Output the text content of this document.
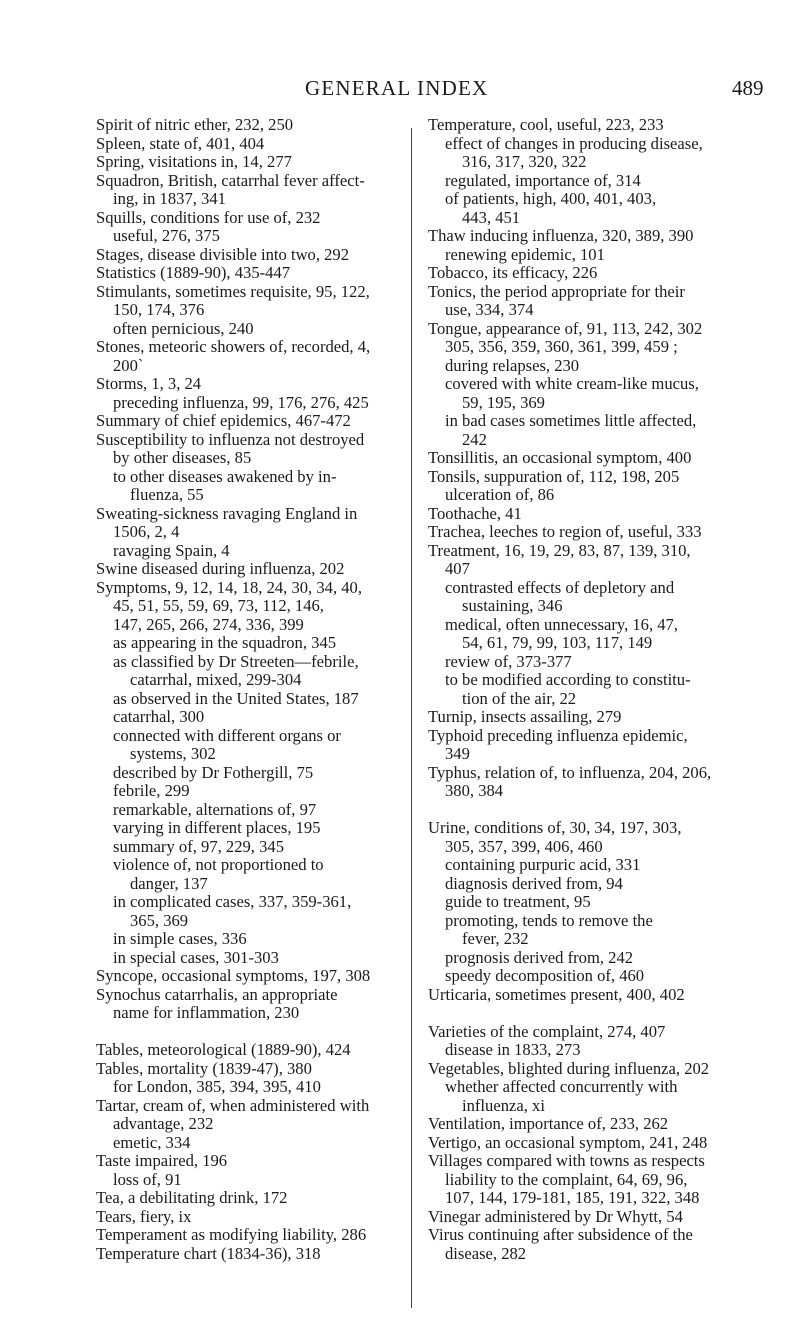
GENERAL INDEX	489
Spirit of nitric ether, 232, 250
Spleen, state of, 401, 404
Spring, visitations in, 14, 277
Squadron, British, catarrhal fever affect-
ing, in 1837, 341
Squills, conditions for use of, 232
useful, 276, 375
Stages, disease divisible into two, 292
Statistics (1889-90), 435-447
Stimulants, sometimes requisite, 95, 122,
150, 174, 376
often pernicious, 240
Stones, meteoric showers of, recorded, 4,
200`
Storms, 1, 3, 24
preceding influenza, 99, 176, 276, 425
Summary of chief epidemics, 467-472
Susceptibility to influenza not destroyed
by other diseases, 85
to other diseases awakened by in-
fluenza, 55
Sweating-sickness ravaging England in
1506, 2, 4
ravaging Spain, 4
Swine diseased during influenza, 202
Symptoms, 9, 12, 14, 18, 24, 30, 34, 40,
45, 51, 55, 59, 69, 73, 112, 146,
147, 265, 266, 274, 336, 399
as appearing in the squadron, 345
as classified by Dr Streeten—febrile,
catarrhal, mixed, 299-304
as observed in the United States, 187
catarrhal, 300
connected with different organs or
systems, 302
described by Dr Fothergill, 75
febrile, 299
remarkable, alternations of, 97
varying in different places, 195
summary of, 97, 229, 345
violence of, not proportioned to
danger, 137
in complicated cases, 337, 359-361,
365, 369
in simple cases, 336
in special cases, 301-303
Syncope, occasional symptoms, 197, 308
Synochus catarrhalis, an appropriate
name for inflammation, 230
Tables, meteorological (1889-90), 424
Tables, mortality (1839-47), 380
for London, 385, 394, 395, 410
Tartar, cream of, when administered with
advantage, 232
emetic, 334
Taste impaired, 196
loss of, 91
Tea, a debilitating drink, 172
Tears, fiery, ix
Temperament as modifying liability, 286
Temperature chart (1834-36), 318
Temperature, cool, useful, 223, 233
effect of changes in producing disease,
316, 317, 320, 322
regulated, importance of, 314
of patients, high, 400, 401, 403,
443, 451
Thaw inducing influenza, 320, 389, 390
renewing epidemic, 101
Tobacco, its efficacy, 226
Tonics, the period appropriate for their
use, 334, 374
Tongue, appearance of, 91, 113, 242, 302
305, 356, 359, 360, 361, 399, 459 ;
during relapses, 230
covered with white cream-like mucus,
59, 195, 369
in bad cases sometimes little affected,
242
Tonsillitis, an occasional symptom, 400
Tonsils, suppuration of, 112, 198, 205
ulceration of, 86
Toothache, 41
Trachea, leeches to region of, useful, 333
Treatment, 16, 19, 29, 83, 87, 139, 310,
407
contrasted effects of depletory and
sustaining, 346
medical, often unnecessary, 16, 47,
54, 61, 79, 99, 103, 117, 149
review of, 373-377
to be modified according to constitu-
tion of the air, 22
Turnip, insects assailing, 279
Typhoid preceding influenza epidemic,
349
Typhus, relation of, to influenza, 204, 206,
380, 384
Urine, conditions of, 30, 34, 197, 303,
305, 357, 399, 406, 460
containing purpuric acid, 331
diagnosis derived from, 94
guide to treatment, 95
promoting, tends to remove the
fever, 232
prognosis derived from, 242
speedy decomposition of, 460
Urticaria, sometimes present, 400, 402
Varieties of the complaint, 274, 407
disease in 1833, 273
Vegetables, blighted during influenza, 202
whether affected concurrently with
influenza, xi
Ventilation, importance of, 233, 262
Vertigo, an occasional symptom, 241, 248
Villages compared with towns as respects
liability to the complaint, 64, 69, 96,
107, 144, 179-181, 185, 191, 322, 348
Vinegar administered by Dr Whytt, 54
Virus continuing after subsidence of the
disease, 282
